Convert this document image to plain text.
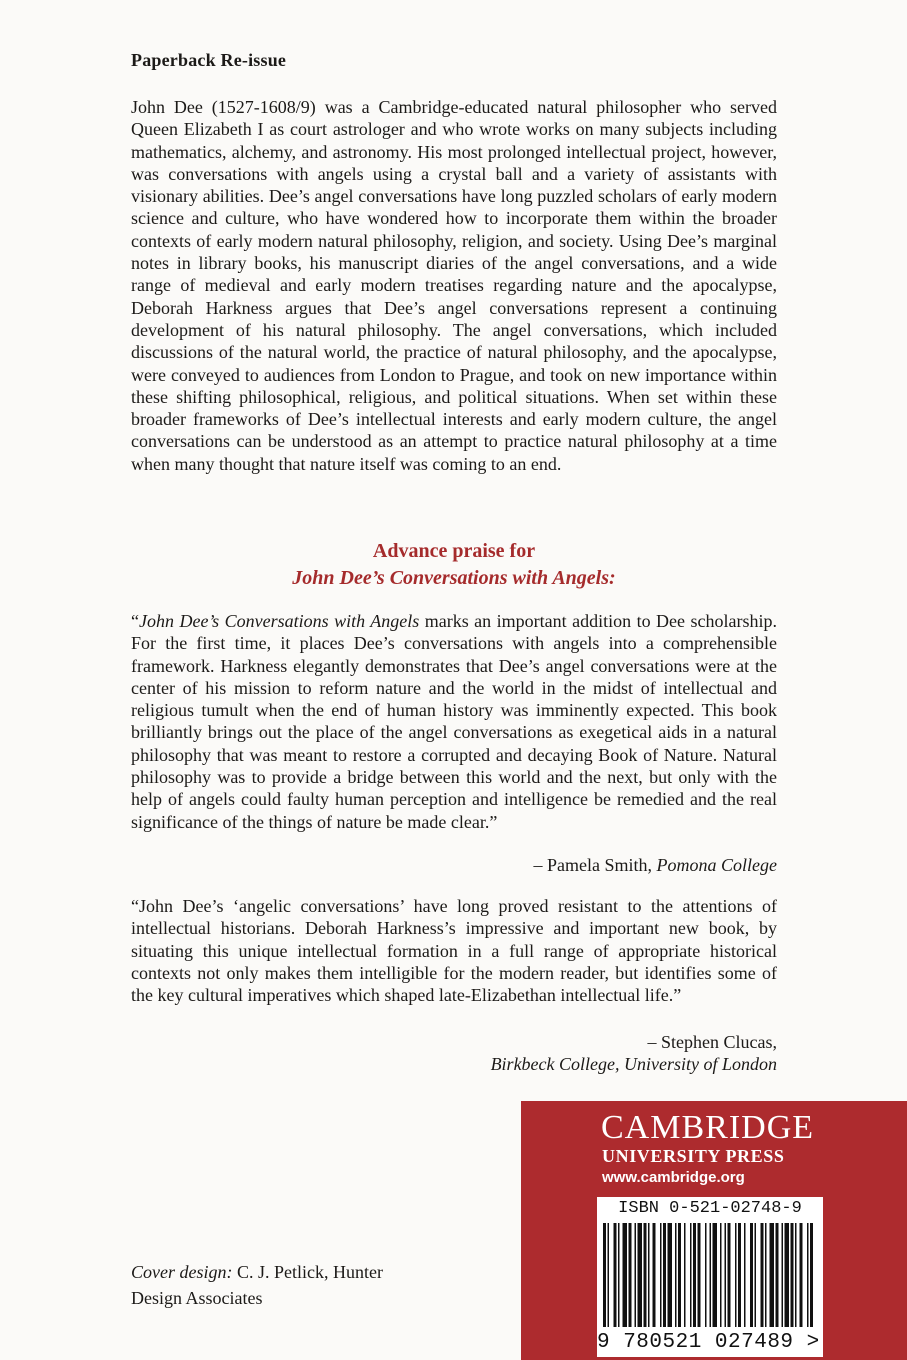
Paperback Re-issue

John Dee (1527-1608/9) was a Cambridge-educated natural philosopher who served Queen Elizabeth I as court astrologer and who wrote works on many subjects including mathematics, alchemy, and astronomy. His most prolonged intellectual project, however, was conversations with angels using a crystal ball and a variety of assistants with visionary abilities. Dee’s angel conversations have long puzzled scholars of early modern science and culture, who have wondered how to incorporate them within the broader contexts of early modern natural philosophy, religion, and society. Using Dee’s marginal notes in library books, his manuscript diaries of the angel conversations, and a wide range of medieval and early modern treatises regarding nature and the apocalypse, Deborah Harkness argues that Dee’s angel conversations represent a continuing development of his natural philosophy. The angel conversations, which included discussions of the natural world, the practice of natural philosophy, and the apocalypse, were conveyed to audiences from London to Prague, and took on new importance within these shifting philosophical, religious, and political situations. When set within these broader frameworks of Dee’s intellectual interests and early modern culture, the angel conversations can be understood as an attempt to practice natural philosophy at a time when many thought that nature itself was coming to an end.

Advance praise for
John Dee’s Conversations with Angels:

“John Dee’s Conversations with Angels marks an important addition to Dee scholarship. For the first time, it places Dee’s conversations with angels into a comprehensible framework. Harkness elegantly demonstrates that Dee’s angel conversations were at the center of his mission to reform nature and the world in the midst of intellectual and religious tumult when the end of human history was imminently expected. This book brilliantly brings out the place of the angel conversations as exegetical aids in a natural philosophy that was meant to restore a corrupted and decaying Book of Nature. Natural philosophy was to provide a bridge between this world and the next, but only with the help of angels could faulty human perception and intelligence be remedied and the real significance of the things of nature be made clear.”

– Pamela Smith, Pomona College

“John Dee’s ‘angelic conversations’ have long proved resistant to the attentions of intellectual historians. Deborah Harkness’s impressive and important new book, by situating this unique intellectual formation in a full range of appropriate historical contexts not only makes them intelligible for the modern reader, but identifies some of the key cultural imperatives which shaped late-Elizabethan intellectual life.”

– Stephen Clucas,
Birkbeck College, University of London
Cover design: C. J. Petlick, Hunter
Design Associates
CAMBRIDGE
UNIVERSITY PRESS
www.cambridge.org
ISBN 0-521-02748-9
9 780521 027489 >
